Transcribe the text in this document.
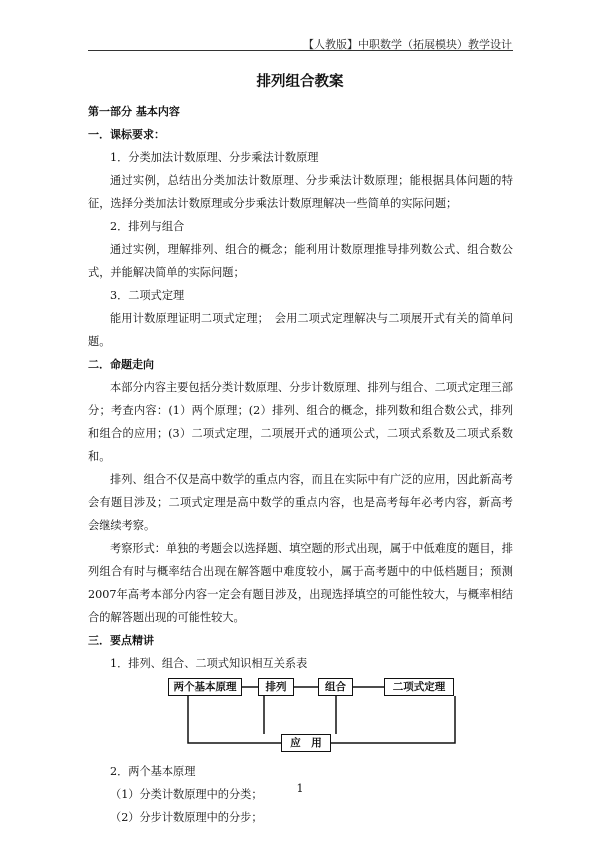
【人教版】中职数学（拓展模块）教学设计
排列组合教案

第一部分 基本内容

一．课标要求：

1．分类加法计数原理、分步乘法计数原理

通过实例，总结出分类加法计数原理、分步乘法计数原理；能根据具体问题的特征，选择分类加法计数原理或分步乘法计数原理解决一些简单的实际问题；

2．排列与组合

通过实例，理解排列、组合的概念；能利用计数原理推导排列数公式、组合数公式，并能解决简单的实际问题；

3．二项式定理

能用计数原理证明二项式定理；　会用二项式定理解决与二项展开式有关的简单问题。

二．命题走向

本部分内容主要包括分类计数原理、分步计数原理、排列与组合、二项式定理三部分；考查内容：(1）两个原理；(2）排列、组合的概念，排列数和组合数公式，排列和组合的应用；(3）二项式定理，二项展开式的通项公式，二项式系数及二项式系数和。

排列、组合不仅是高中数学的重点内容，而且在实际中有广泛的应用，因此新高考会有题目涉及；二项式定理是高中数学的重点内容，也是高考每年必考内容，新高考会继续考察。

考察形式：单独的考题会以选择题、填空题的形式出现，属于中低难度的题目，排列组合有时与概率结合出现在解答题中难度较小，属于高考题中的中低档题目；预测2007年高考本部分内容一定会有题目涉及，出现选择填空的可能性较大，与概率相结合的解答题出现的可能性较大。

三．要点精讲

1．排列、组合、二项式知识相互关系表

两个基本原理	排列	组合	二项式定理
应　用

2．两个基本原理

（1）分类计数原理中的分类；

（2）分步计数原理中的分步；

1
